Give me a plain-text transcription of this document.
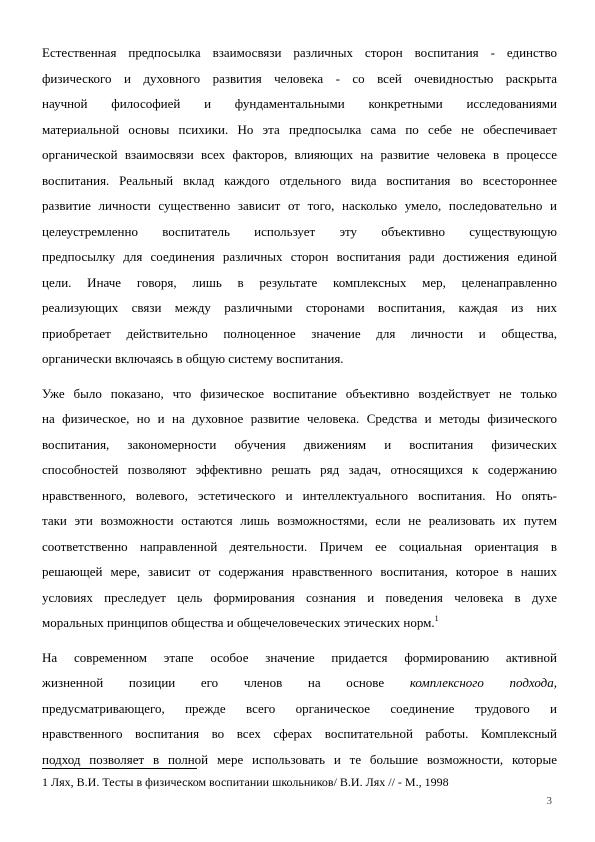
Естественная предпосылка взаимосвязи различных сторон воспитания - единство
физического и духовного развития человека - со всей очевидностью раскрыта
научной философией и фундаментальными конкретными исследованиями
материальной основы психики. Но эта предпосылка сама по себе не обеспечивает
органической взаимосвязи всех факторов, влияющих на развитие человека в процессе
воспитания. Реальный вклад каждого отдельного вида воспитания во всестороннее
развитие личности существенно зависит от того, насколько умело, последовательно и
целеустремленно воспитатель использует эту объективно существующую
предпосылку для соединения различных сторон воспитания ради достижения единой
цели. Иначе говоря, лишь в результате комплексных мер, целенаправленно
реализующих связи между различными сторонами воспитания, каждая из них
приобретает действительно полноценное значение для личности и общества,
органически включаясь в общую систему воспитания.
Уже было показано, что физическое воспитание объективно воздействует не только
на физическое, но и на духовное развитие человека. Средства и методы физического
воспитания, закономерности обучения движениям и воспитания физических
способностей позволяют эффективно решать ряд задач, относящихся к содержанию
нравственного, волевого, эстетического и интеллектуального воспитания. Но опять-
таки эти возможности остаются лишь возможностями, если не реализовать их путем
соответственно направленной деятельности. Причем ее социальная ориентация в
решающей мере, зависит от содержания нравственного воспитания, которое в наших
условиях преследует цель формирования сознания и поведения человека в духе
моральных принципов общества и общечеловеческих этических норм.$^1$
На современном этапе особое значение придается формированию активной
жизненной позиции его членов на основе комплексного подхода,
предусматривающего, прежде всего органическое соединение трудового и
нравственного воспитания во всех сферах воспитательной работы. Комплексный
подход позволяет в полной мере использовать и те большие возможности, которые
1 Лях, В.И. Тесты в физическом воспитании школьников/ В.И. Лях // - М., 1998
3
